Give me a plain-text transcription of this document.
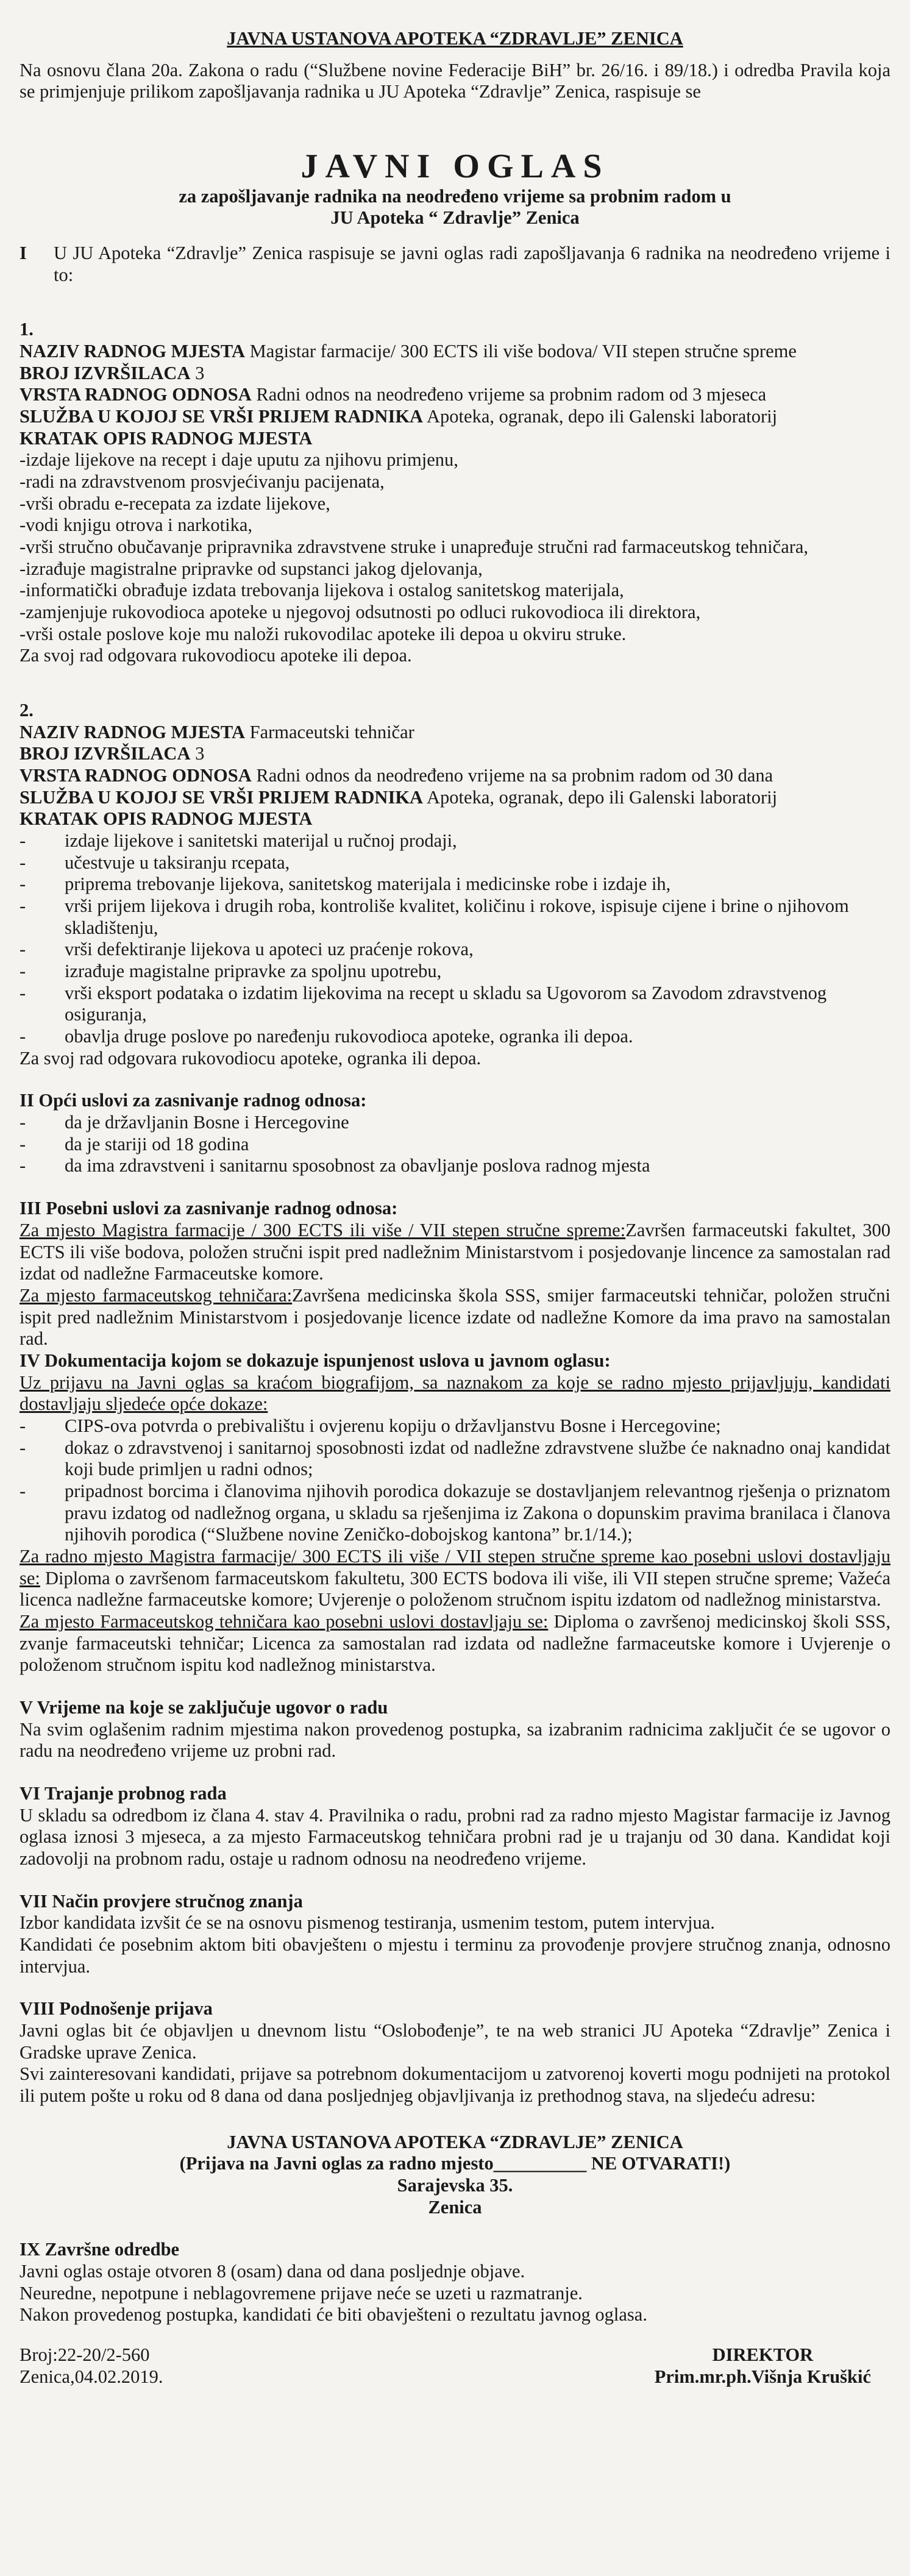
JAVNA USTANOVA APOTEKA “ZDRAVLJE” ZENICA

Na osnovu člana 20a. Zakona o radu (“Službene novine Federacije BiH” br. 26/16. i 89/18.) i odredba Pravila koja se primjenjuje prilikom zapošljavanja radnika u JU Apoteka “Zdravlje” Zenica, raspisuje se

JAVNI OGLAS

za zapošljavanje radnika na neodređeno vrijeme sa probnim radom u

JU Apoteka “ Zdravlje” Zenica

I	U JU Apoteka “Zdravlje” Zenica raspisuje se javni oglas radi zapošljavanja 6 radnika na neodređeno vrijeme i to:

1.

NAZIV RADNOG MJESTA Magistar farmacije/ 300 ECTS ili više bodova/ VII stepen stručne spreme

BROJ IZVRŠILACA 3

VRSTA RADNOG ODNOSA Radni odnos na neodređeno vrijeme sa probnim radom od 3 mjeseca

SLUŽBA U KOJOJ SE VRŠI PRIJEM RADNIKA Apoteka, ogranak, depo ili Galenski laboratorij

KRATAK OPIS RADNOG MJESTA

-izdaje lijekove na recept i daje uputu za njihovu primjenu,
-radi na zdravstvenom prosvjećivanju pacijenata,
-vrši obradu e-recepata za izdate lijekove,
-vodi knjigu otrova i narkotika,
-vrši stručno obučavanje pripravnika zdravstvene struke i unapređuje stručni rad farmaceutskog tehničara,
-izrađuje magistralne pripravke od supstanci jakog djelovanja,
-informatički obrađuje izdata trebovanja lijekova i ostalog sanitetskog materijala,
-zamjenjuje rukovodioca apoteke u njegovoj odsutnosti po odluci rukovodioca ili direktora,
-vrši ostale poslove koje mu naloži rukovodilac apoteke ili depoa u okviru struke.

Za svoj rad odgovara rukovodiocu apoteke ili depoa.

2.

NAZIV RADNOG MJESTA Farmaceutski tehničar

BROJ IZVRŠILACA 3

VRSTA RADNOG ODNOSA Radni odnos da neodređeno vrijeme na sa probnim radom od 30 dana

SLUŽBA U KOJOJ SE VRŠI PRIJEM RADNIKA Apoteka, ogranak, depo ili Galenski laboratorij

KRATAK OPIS RADNOG MJESTA

- izdaje lijekove i sanitetski materijal u ručnoj prodaji,
- učestvuje u taksiranju rcepata,
- priprema trebovanje lijekova, sanitetskog materijala i medicinske robe i izdaje ih,
- vrši prijem lijekova i drugih roba, kontroliše kvalitet, količinu i rokove, ispisuje cijene i brine o njihovom skladištenju,
- vrši defektiranje lijekova u apoteci uz praćenje rokova,
- izrađuje magistalne pripravke za spoljnu upotrebu,
- vrši eksport podataka o izdatim lijekovima na recept u skladu sa Ugovorom sa Zavodom zdravstvenog osiguranja,
- obavlja druge poslove po naređenju rukovodioca apoteke, ogranka ili depoa.

Za svoj rad odgovara rukovodiocu apoteke, ogranka ili depoa.

II Opći uslovi za zasnivanje radnog odnosa:

- da je državljanin Bosne i Hercegovine
- da je stariji od 18 godina
- da ima zdravstveni i sanitarnu sposobnost za obavljanje poslova radnog mjesta

III Posebni uslovi za zasnivanje radnog odnosa:

Za mjesto Magistra farmacije / 300 ECTS ili više / VII stepen stručne spreme:Završen farmaceutski fakultet, 300 ECTS ili više bodova, položen stručni ispit pred nadležnim Ministarstvom i posjedovanje lincence za samostalan rad izdat od nadležne Farmaceutske komore.

Za mjesto farmaceutskog tehničara:Završena medicinska škola SSS, smijer farmaceutski tehničar, položen stručni ispit pred nadležnim Ministarstvom i posjedovanje licence izdate od nadležne Komore da ima pravo na samostalan rad.

IV Dokumentacija kojom se dokazuje ispunjenost uslova u javnom oglasu:

Uz prijavu na Javni oglas sa kraćom biografijom, sa naznakom za koje se radno mjesto prijavljuju, kandidati dostavljaju sljedeće opće dokaze:

- CIPS-ova potvrda o prebivalištu i ovjerenu kopiju o državljanstvu Bosne i Hercegovine;
- dokaz o zdravstvenoj i sanitarnoj sposobnosti izdat od nadležne zdravstvene službe će naknadno onaj kandidat koji bude primljen u radni odnos;
- pripadnost borcima i članovima njihovih porodica dokazuje se dostavljanjem relevantnog rješenja o priznatom pravu izdatog od nadležnog organa, u skladu sa rješenjima iz Zakona o dopunskim pravima branilaca i članova njihovih porodica (“Službene novine Zeničko-dobojskog kantona” br.1/14.);

Za radno mjesto Magistra farmacije/ 300 ECTS ili više / VII stepen stručne spreme kao posebni uslovi dostavljaju se: Diploma o završenom farmaceutskom fakultetu, 300 ECTS bodova ili više, ili VII stepen stručne spreme; Važeća licenca nadležne farmaceutske komore; Uvjerenje o položenom stručnom ispitu izdatom od nadležnog ministarstva.

Za mjesto Farmaceutskog tehničara kao posebni uslovi dostavljaju se: Diploma o završenoj medicinskoj školi SSS, zvanje farmaceutski tehničar; Licenca za samostalan rad izdata od nadležne farmaceutske komore i Uvjerenje o položenom stručnom ispitu kod nadležnog ministarstva.

V Vrijeme na koje se zaključuje ugovor o radu

Na svim oglašenim radnim mjestima nakon provedenog postupka, sa izabranim radnicima zaključit će se ugovor o radu na neodređeno vrijeme uz probni rad.

VI Trajanje probnog rada

U skladu sa odredbom iz člana 4. stav 4. Pravilnika o radu, probni rad za radno mjesto Magistar farmacije iz Javnog oglasa iznosi 3 mjeseca, a za mjesto Farmaceutskog tehničara probni rad je u trajanju od 30 dana. Kandidat koji zadovolji na probnom radu, ostaje u radnom odnosu na neodređeno vrijeme.

VII Način provjere stručnog znanja

Izbor kandidata izvšit će se na osnovu pismenog testiranja, usmenim testom, putem intervjua.

Kandidati će posebnim aktom biti obavještenı o mjestu i terminu za provođenje provjere stručnog znanja, odnosno intervjua.

VIII Podnošenje prijava

Javni oglas bit će objavljen u dnevnom listu “Oslobođenje”, te na web stranici JU Apoteka “Zdravlje” Zenica i Gradske uprave Zenica.

Svi zainteresovani kandidati, prijave sa potrebnom dokumentacijom u zatvorenoj koverti mogu podnijeti na protokol ili putem pošte u roku od 8 dana od dana posljednjeg objavljivanja iz prethodnog stava, na sljedeću adresu:

JAVNA USTANOVA APOTEKA “ZDRAVLJE” ZENICA

(Prijava na Javni oglas za radno mjesto__________ NE OTVARATI!)

Sarajevska 35.

Zenica

IX Završne odredbe

Javni oglas ostaje otvoren 8 (osam) dana od dana posljednje objave.

Neuredne, nepotpune i neblagovremene prijave neće se uzeti u razmatranje.

Nakon provedenog postupka, kandidati će biti obavješteni o rezultatu javnog oglasa.

Broj:22-20/2-560

Zenica,04.02.2019.

DIREKTOR

Prim.mr.ph.Višnja Kruškić
